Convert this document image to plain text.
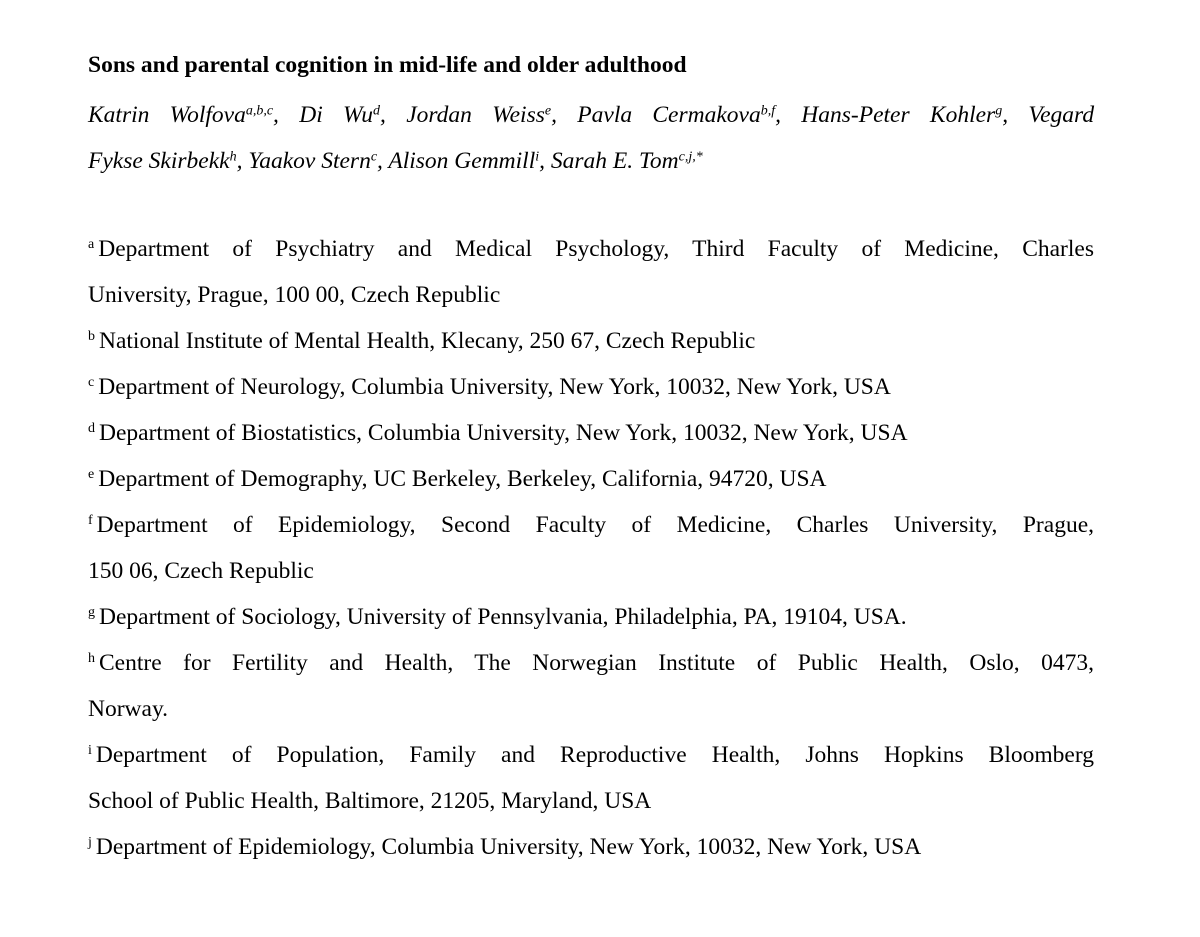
Sons and parental cognition in mid-life and older adulthood
Katrin Wolfova$^{a,b,c}$, Di Wu$^d$, Jordan Weiss$^e$, Pavla Cermakova$^{b,f}$, Hans-Peter Kohler$^g$, Vegard
Fykse Skirbekk$^h$, Yaakov Stern$^c$, Alison Gemmill$^i$, Sarah E. Tom$^{c,j,*}$
$^a$ Department of Psychiatry and Medical Psychology, Third Faculty of Medicine, Charles
University, Prague, 100 00, Czech Republic
$^b$ National Institute of Mental Health, Klecany, 250 67, Czech Republic
$^c$ Department of Neurology, Columbia University, New York, 10032, New York, USA
$^d$ Department of Biostatistics, Columbia University, New York, 10032, New York, USA
$^e$ Department of Demography, UC Berkeley, Berkeley, California, 94720, USA
$^f$ Department of Epidemiology, Second Faculty of Medicine, Charles University, Prague,
150 06, Czech Republic
$^g$ Department of Sociology, University of Pennsylvania, Philadelphia, PA, 19104, USA.
$^h$ Centre for Fertility and Health, The Norwegian Institute of Public Health, Oslo, 0473,
Norway.
$^i$ Department of Population, Family and Reproductive Health, Johns Hopkins Bloomberg
School of Public Health, Baltimore, 21205, Maryland, USA
$^j$ Department of Epidemiology, Columbia University, New York, 10032, New York, USA
